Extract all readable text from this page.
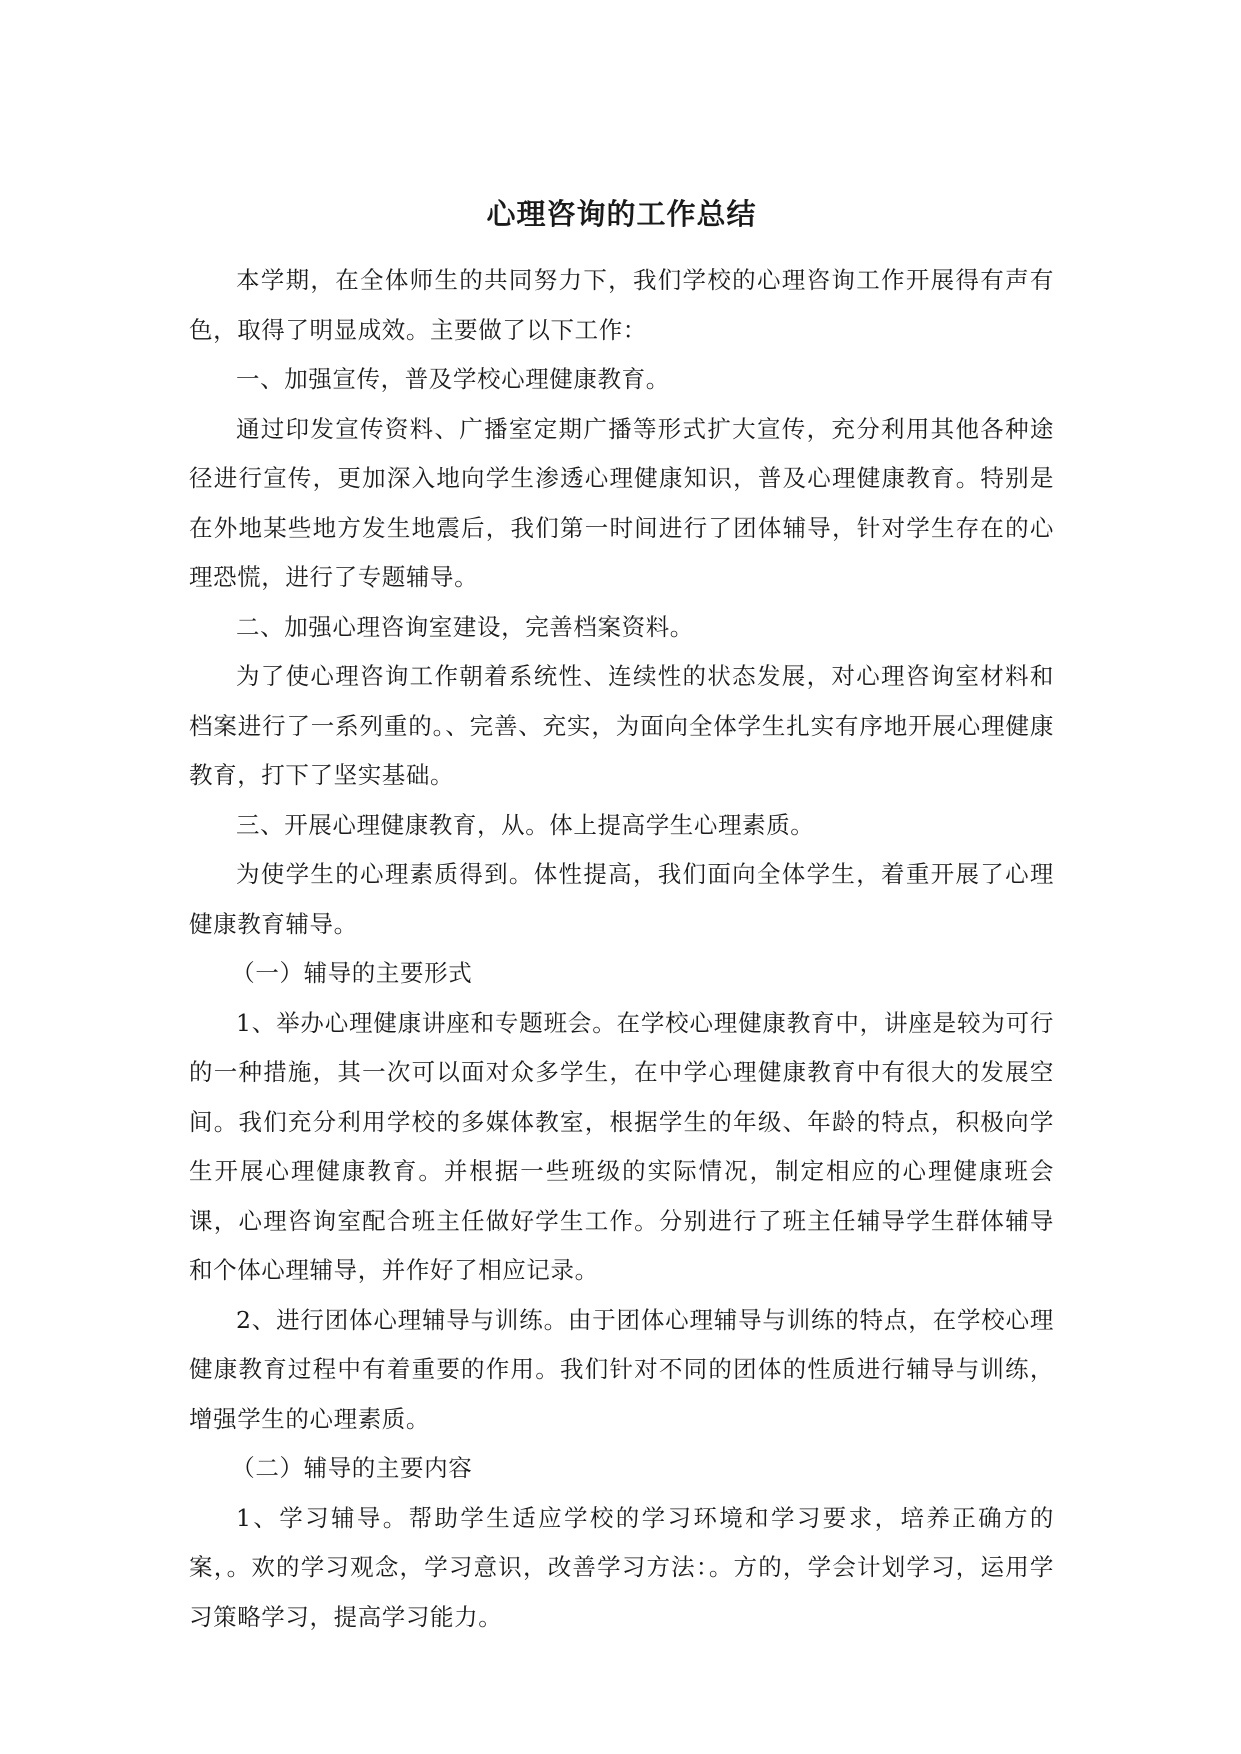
心理咨询的工作总结

本学期，在全体师生的共同努力下，我们学校的心理咨询工作开展得有声有色，取得了明显成效。主要做了以下工作：

一、加强宣传，普及学校心理健康教育。

通过印发宣传资料、广播室定期广播等形式扩大宣传，充分利用其他各种途径进行宣传，更加深入地向学生渗透心理健康知识，普及心理健康教育。特别是在外地某些地方发生地震后，我们第一时间进行了团体辅导，针对学生存在的心理恐慌，进行了专题辅导。

二、加强心理咨询室建设，完善档案资料。

为了使心理咨询工作朝着系统性、连续性的状态发展，对心理咨询室材料和档案进行了一系列重的。、完善、充实，为面向全体学生扎实有序地开展心理健康教育，打下了坚实基础。

三、开展心理健康教育，从。体上提高学生心理素质。

为使学生的心理素质得到。体性提高，我们面向全体学生，着重开展了心理健康教育辅导。

（一）辅导的主要形式

1、举办心理健康讲座和专题班会。在学校心理健康教育中，讲座是较为可行的一种措施，其一次可以面对众多学生，在中学心理健康教育中有很大的发展空间。我们充分利用学校的多媒体教室，根据学生的年级、年龄的特点，积极向学生开展心理健康教育。并根据一些班级的实际情况，制定相应的心理健康班会课，心理咨询室配合班主任做好学生工作。分别进行了班主任辅导学生群体辅导和个体心理辅导，并作好了相应记录。

2、进行团体心理辅导与训练。由于团体心理辅导与训练的特点，在学校心理健康教育过程中有着重要的作用。我们针对不同的团体的性质进行辅导与训练，增强学生的心理素质。

（二）辅导的主要内容

1、学习辅导。帮助学生适应学校的学习环境和学习要求，培养正确方的案，。欢的学习观念，学习意识，改善学习方法：。方的，学会计划学习，运用学习策略学习，提高学习能力。
